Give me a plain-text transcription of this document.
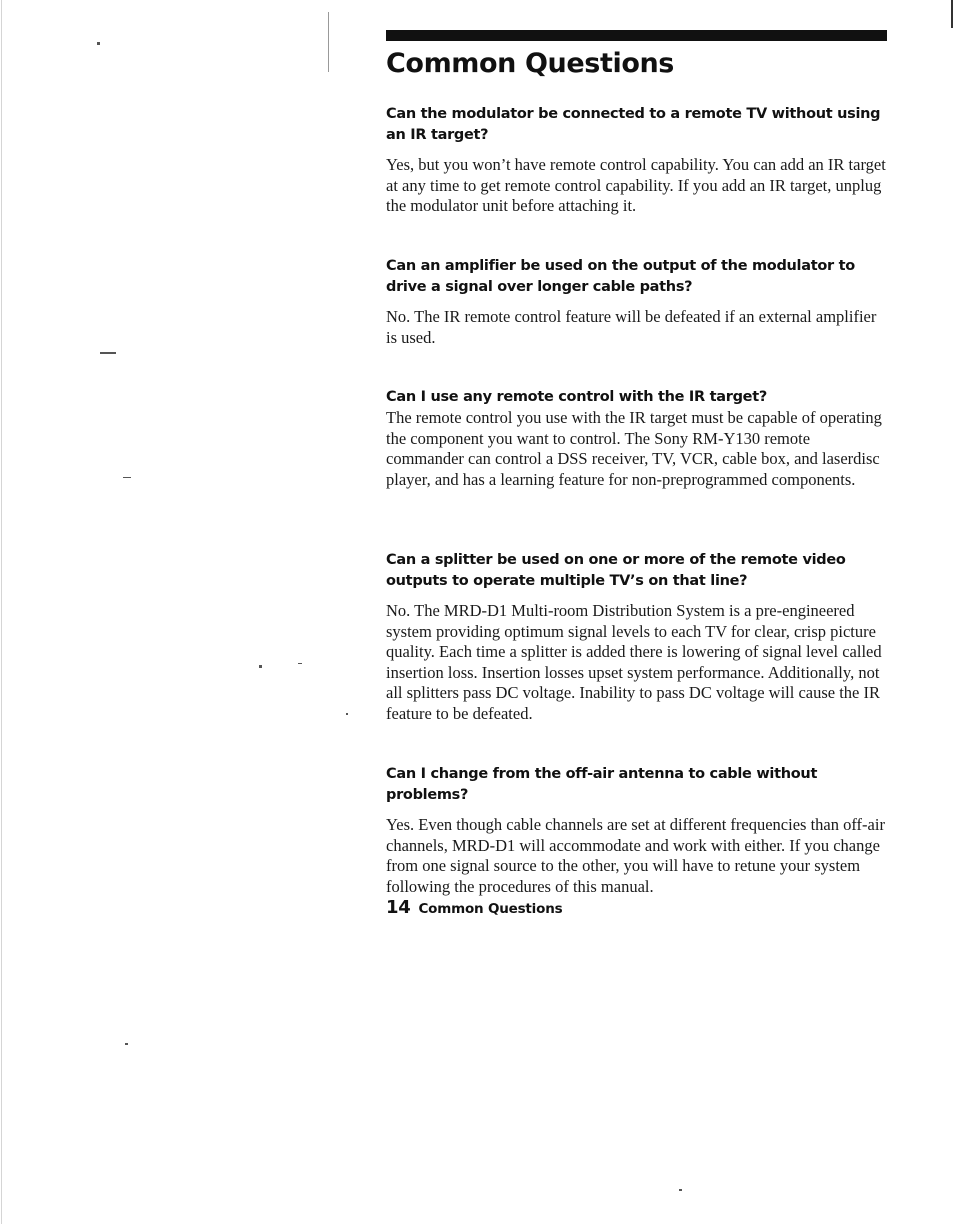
Common Questions

Can the modulator be connected to a remote TV without using an IR target?

Yes, but you won’t have remote control capability. You can add an IR target at any time to get remote control capability. If you add an IR target, unplug the modulator unit before attaching it.

Can an amplifier be used on the output of the modulator to drive a signal over longer cable paths?

No. The IR remote control feature will be defeated if an external amplifier is used.

Can I use any remote control with the IR target?

The remote control you use with the IR target must be capable of operating the component you want to control. The Sony RM-Y130 remote commander can control a DSS receiver, TV, VCR, cable box, and laserdisc player, and has a learning feature for non-preprogrammed components.

Can a splitter be used on one or more of the remote video outputs to operate multiple TV’s on that line?

No. The MRD-D1 Multi-room Distribution System is a pre-engineered system providing optimum signal levels to each TV for clear, crisp picture quality. Each time a splitter is added there is lowering of signal level called insertion loss. Insertion losses upset system performance. Additionally, not all splitters pass DC voltage. Inability to pass DC voltage will cause the IR feature to be defeated.

Can I change from the off-air antenna to cable without problems?

Yes. Even though cable channels are set at different frequencies than off-air channels, MRD-D1 will accommodate and work with either. If you change from one signal source to the other, you will have to retune your system following the procedures of this manual.

14 Common Questions
